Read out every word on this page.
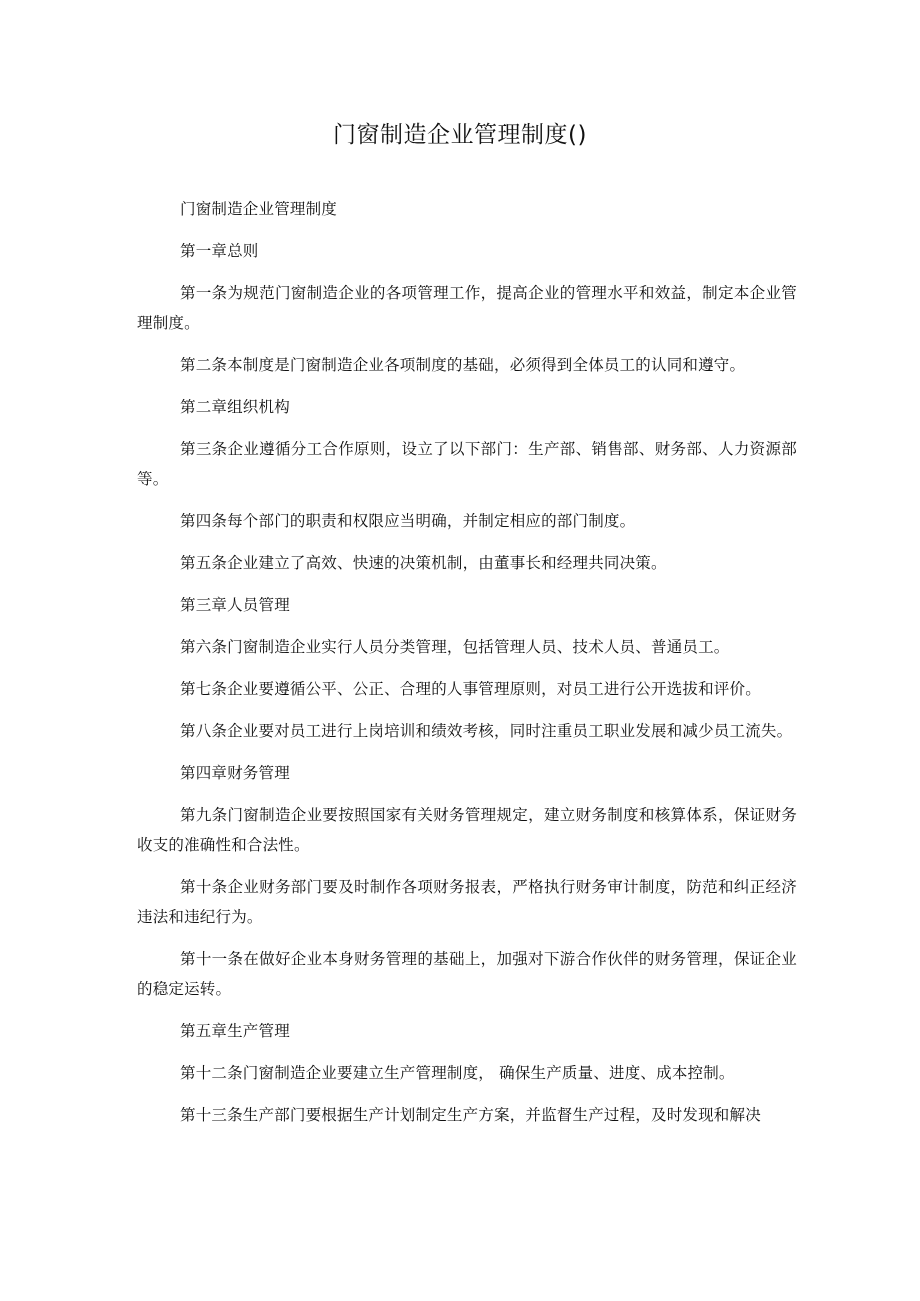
门窗制造企业管理制度()

门窗制造企业管理制度

第一章总则

第一条为规范门窗制造企业的各项管理工作，提高企业的管理水平和效益，制定本企业管理制度。

第二条本制度是门窗制造企业各项制度的基础，必须得到全体员工的认同和遵守。

第二章组织机构

第三条企业遵循分工合作原则，设立了以下部门：生产部、销售部、财务部、人力资源部等。

第四条每个部门的职责和权限应当明确，并制定相应的部门制度。

第五条企业建立了高效、快速的决策机制，由董事长和经理共同决策。

第三章人员管理

第六条门窗制造企业实行人员分类管理，包括管理人员、技术人员、普通员工。

第七条企业要遵循公平、公正、合理的人事管理原则，对员工进行公开选拔和评价。

第八条企业要对员工进行上岗培训和绩效考核，同时注重员工职业发展和减少员工流失。

第四章财务管理

第九条门窗制造企业要按照国家有关财务管理规定，建立财务制度和核算体系，保证财务收支的准确性和合法性。

第十条企业财务部门要及时制作各项财务报表，严格执行财务审计制度，防范和纠正经济违法和违纪行为。

第十一条在做好企业本身财务管理的基础上，加强对下游合作伙伴的财务管理，保证企业的稳定运转。

第五章生产管理

第十二条门窗制造企业要建立生产管理制度， 确保生产质量、进度、成本控制。

第十三条生产部门要根据生产计划制定生产方案，并监督生产过程，及时发现和解决
